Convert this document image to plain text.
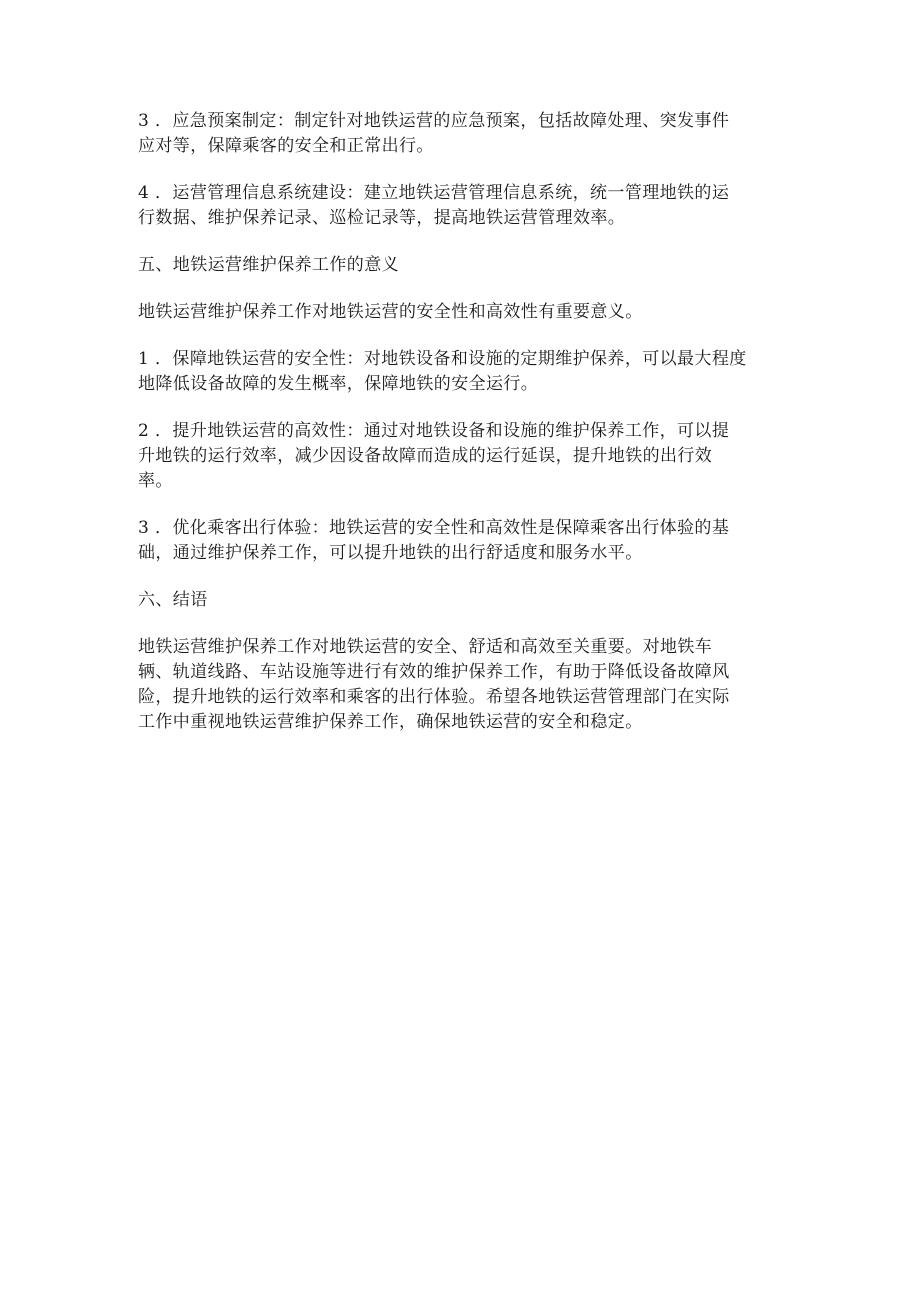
3 ．应急预案制定：制定针对地铁运营的应急预案，包括故障处理、突发事件
应对等，保障乘客的安全和正常出行。

4 ．运营管理信息系统建设：建立地铁运营管理信息系统，统一管理地铁的运
行数据、维护保养记录、巡检记录等，提高地铁运营管理效率。

五、地铁运营维护保养工作的意义

地铁运营维护保养工作对地铁运营的安全性和高效性有重要意义。

1 ．保障地铁运营的安全性：对地铁设备和设施的定期维护保养，可以最大程度
地降低设备故障的发生概率，保障地铁的安全运行。

2 ．提升地铁运营的高效性：通过对地铁设备和设施的维护保养工作，可以提
升地铁的运行效率，减少因设备故障而造成的运行延误，提升地铁的出行效
率。

3 ．优化乘客出行体验：地铁运营的安全性和高效性是保障乘客出行体验的基
础，通过维护保养工作，可以提升地铁的出行舒适度和服务水平。

六、结语

地铁运营维护保养工作对地铁运营的安全、舒适和高效至关重要。对地铁车
辆、轨道线路、车站设施等进行有效的维护保养工作，有助于降低设备故障风
险，提升地铁的运行效率和乘客的出行体验。希望各地铁运营管理部门在实际
工作中重视地铁运营维护保养工作，确保地铁运营的安全和稳定。
